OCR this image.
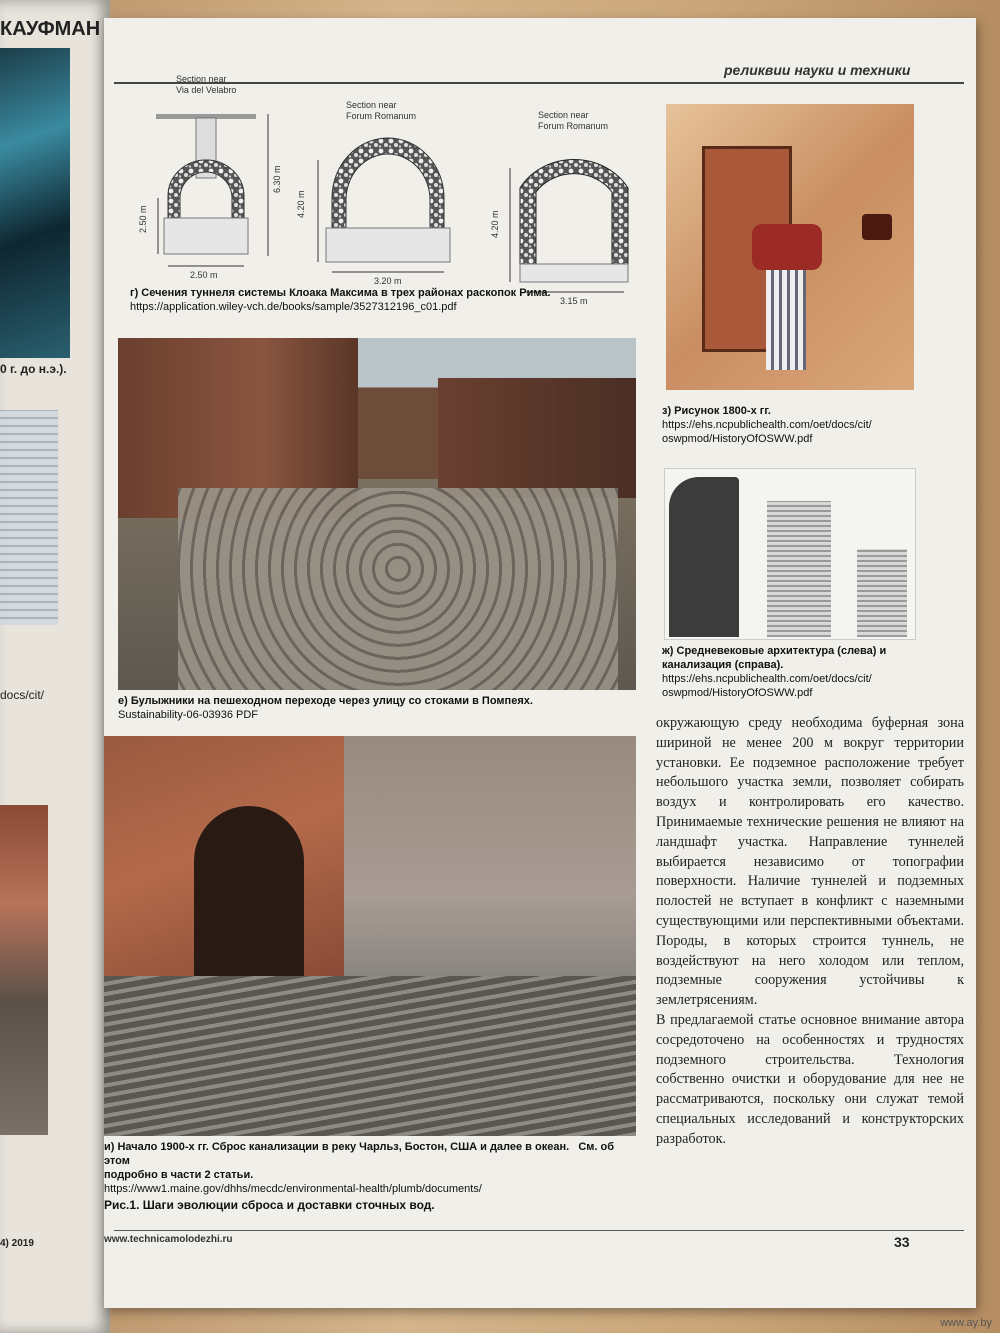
КАУФМАН
0 г. до н.э.).
docs/cit/
4) 2019
реликвии науки и техники
Section near
Via del Velabro
2.50 m
6.30 m
2.50 m
Section near
Forum Romanum
4.20 m
3.20 m
Section near
Forum Romanum
4.20 m
3.15 m
г) Сечения туннеля системы Клоака Максима в трех районах раскопок Рима.
https://application.wiley-vch.de/books/sample/3527312196_c01.pdf
з) Рисунок 1800-х гг.
https://ehs.ncpublichealth.com/oet/docs/cit/
oswpmod/HistoryOfOSWW.pdf
е) Булыжники на пешеходном переходе через улицу со стоками в Помпеях.
Sustainability-06-03936 PDF
ж) Средневековые архитектура (слева) и
канализация (справа).
https://ehs.ncpublichealth.com/oet/docs/cit/
oswpmod/HistoryOfOSWW.pdf
и) Начало 1900-х гг. Сброс канализации в реку Чарльз, Бостон, США и далее в океан. См. об этом
подробно в части 2 статьи.
https://www1.maine.gov/dhhs/mecdc/environmental-health/plumb/documents/
Рис.1. Шаги эволюции сброса и доставки сточных вод.

окружающую среду необходима буферная зона шириной не менее 200 м вокруг территории установки. Ее подземное расположение требует небольшого участка земли, позволяет собирать воздух и контролировать его качество. Принимаемые технические решения не влияют на ландшафт участка. Направление туннелей выбирается независимо от топографии поверхности. Наличие туннелей и подземных полостей не вступает в конфликт с наземными существующими или перспективными объектами. Породы, в которых строится туннель, не воздействуют на него холодом или теплом, подземные сооружения устойчивы к землетрясениям.

В предлагаемой статье основное внимание автора сосредоточено на особенностях и трудностях подземного строительства. Технология собственно очистки и оборудование для нее не рассматриваются, поскольку они служат темой специальных исследований и конструкторских разработок.

www.technicamolodezhi.ru	33
www.ay.by
